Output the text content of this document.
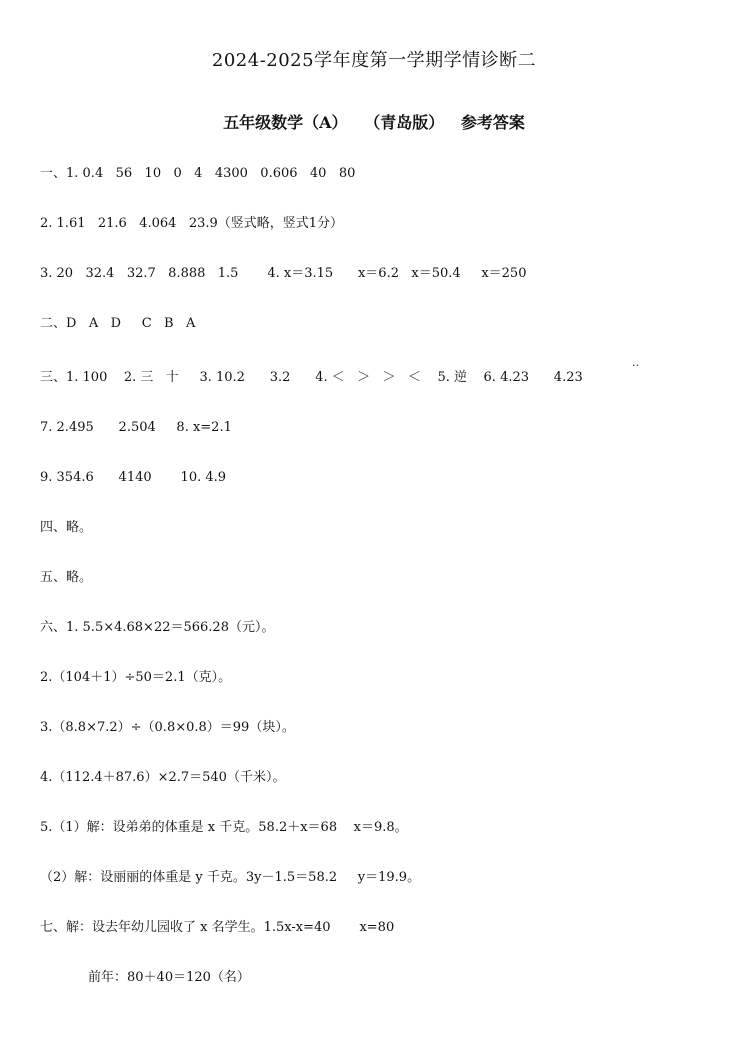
2024-2025学年度第一学期学情诊断二
五年级数学（A）   （青岛版）   参考答案
一、1. 0.4   56   10   0   4   4300   0.606   40   80
2. 1.61   21.6   4.064   23.9（竖式略，竖式1分）
3. 20   32.4   32.7   8.888   1.5       4. x＝3.15      x＝6.2   x＝50.4     x＝250
二、D   A   D     C   B   A
··
三、1. 100    2. 三   十     3. 10.2      3.2      4. ＜   ＞   ＞   ＜    5. 逆    6. 4.23      4.23
7. 2.495      2.504     8. x=2.1
9. 354.6      4140       10. 4.9
四、略。
五、略。
六、1. 5.5×4.68×22＝566.28（元）。
2.（104＋1）÷50＝2.1（克）。
3.（8.8×7.2）÷（0.8×0.8）＝99（块）。
4.（112.4＋87.6）×2.7＝540（千米）。
5.（1）解：设弟弟的体重是 x 千克。58.2＋x＝68    x＝9.8。
（2）解：设丽丽的体重是 y 千克。3y－1.5＝58.2     y＝19.9。
七、解：设去年幼儿园收了 x 名学生。1.5x-x=40       x=80
前年：80＋40＝120（名）
